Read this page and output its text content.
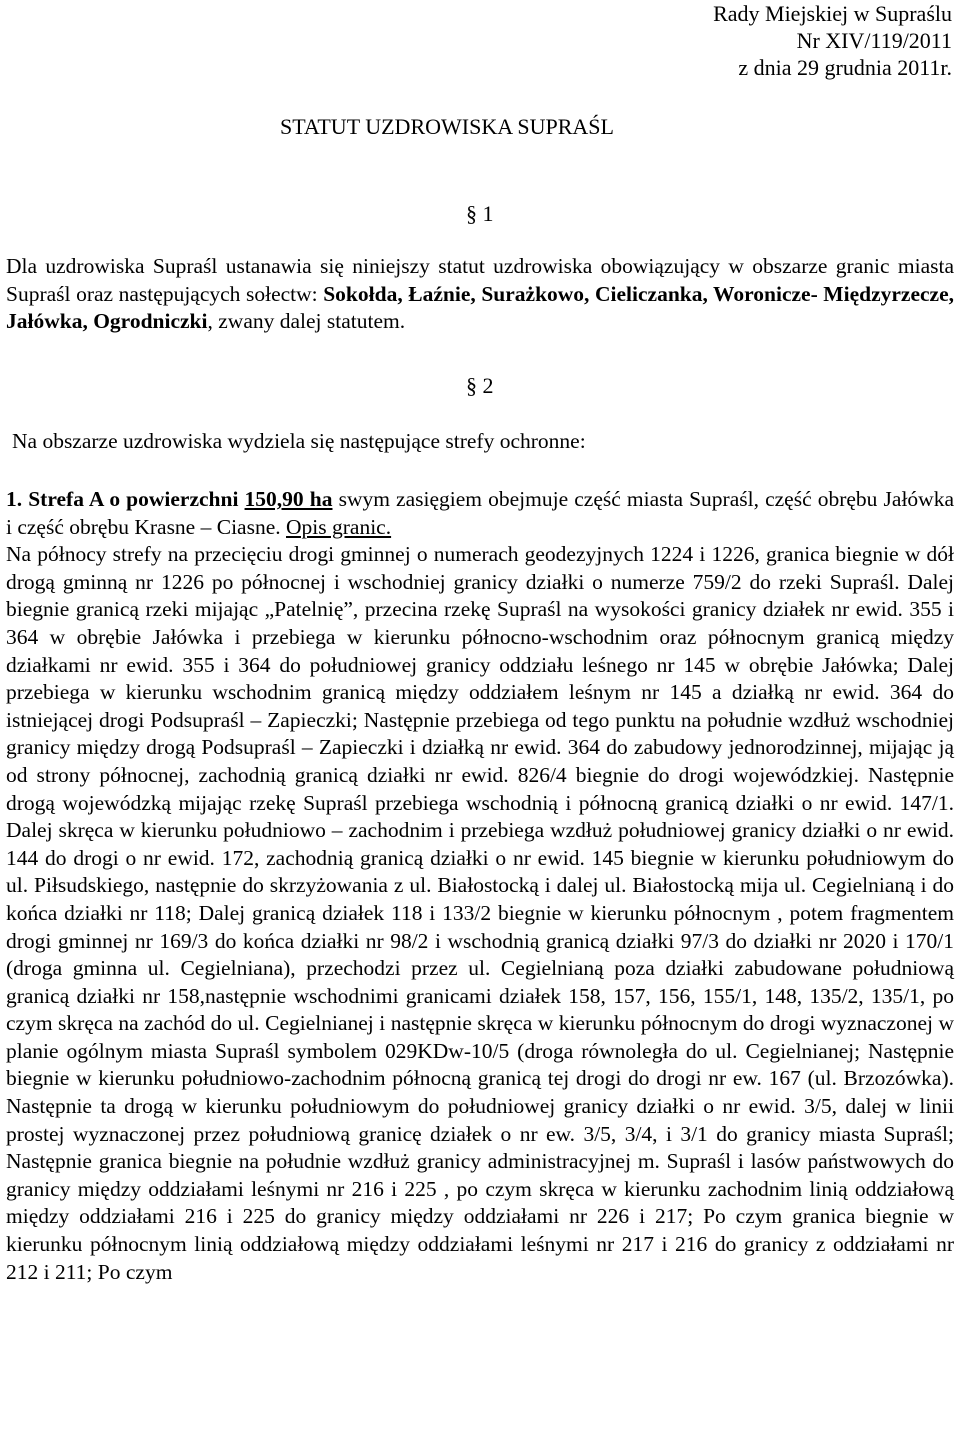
Rady Miejskiej w Supraślu
Nr XIV/119/2011
z dnia 29 grudnia 2011r.
STATUT UZDROWISKA SUPRAŚL
§ 1
Dla uzdrowiska Supraśl ustanawia się niniejszy statut uzdrowiska obowiązujący w obszarze granic miasta Supraśl oraz następujących sołectw: Sokołda, Łaźnie, Surażkowo, Cieliczanka, Woronicze- Międzyrzecze, Jałówka, Ogrodniczki, zwany dalej statutem.
§ 2
Na obszarze uzdrowiska wydziela się następujące strefy ochronne:
1. Strefa A o powierzchni 150,90 ha swym zasięgiem obejmuje część miasta Supraśl, część obrębu Jałówka i część obrębu Krasne – Ciasne. Opis granic.
Na północy strefy na przecięciu drogi gminnej o numerach geodezyjnych 1224 i 1226, granica biegnie w dół drogą gminną nr 1226 po północnej i wschodniej granicy działki o numerze 759/2 do rzeki Supraśl. Dalej biegnie granicą rzeki mijając „Patelnię”, przecina rzekę Supraśl na wysokości granicy działek nr ewid. 355 i 364 w obrębie Jałówka i przebiega w kierunku północno-wschodnim oraz północnym granicą między działkami nr ewid. 355 i 364 do południowej granicy oddziału leśnego nr 145 w obrębie Jałówka; Dalej przebiega w kierunku wschodnim granicą między oddziałem leśnym nr 145 a działką nr ewid. 364 do istniejącej drogi Podsupraśl – Zapieczki; Następnie przebiega od tego punktu na południe wzdłuż wschodniej granicy między drogą Podsupraśl – Zapieczki i działką nr ewid. 364 do zabudowy jednorodzinnej, mijając ją od strony północnej, zachodnią granicą działki nr ewid. 826/4 biegnie do drogi wojewódzkiej. Następnie drogą wojewódzką mijając rzekę Supraśl przebiega wschodnią i północną granicą działki o nr ewid. 147/1. Dalej skręca w kierunku południowo – zachodnim i przebiega wzdłuż południowej granicy działki o nr ewid. 144 do drogi o nr ewid. 172, zachodnią granicą działki o nr ewid. 145 biegnie w kierunku południowym do ul. Piłsudskiego, następnie do skrzyżowania z ul. Białostocką i dalej ul. Białostocką mija ul. Cegielnianą i do końca działki nr 118; Dalej granicą działek 118 i 133/2 biegnie w kierunku północnym , potem fragmentem drogi gminnej nr 169/3 do końca działki nr 98/2 i wschodnią granicą działki 97/3 do działki nr 2020 i 170/1 (droga gminna ul. Cegielniana), przechodzi przez ul. Cegielnianą poza działki zabudowane południową granicą działki nr 158,następnie wschodnimi granicami działek 158, 157, 156, 155/1, 148, 135/2, 135/1, po czym skręca na zachód do ul. Cegielnianej i następnie skręca w kierunku północnym do drogi wyznaczonej w planie ogólnym miasta Supraśl symbolem 029KDw-10/5 (droga równoległa do ul. Cegielnianej; Następnie biegnie w kierunku południowo-zachodnim północną granicą tej drogi do drogi nr ew. 167 (ul. Brzozówka). Następnie ta drogą w kierunku południowym do południowej granicy działki o nr ewid. 3/5, dalej w linii prostej wyznaczonej przez południową granicę działek o nr ew. 3/5, 3/4, i 3/1 do granicy miasta Supraśl; Następnie granica biegnie na południe wzdłuż granicy administracyjnej m. Supraśl i lasów państwowych do granicy między oddziałami leśnymi nr 216 i 225 , po czym skręca w kierunku zachodnim linią oddziałową między oddziałami 216 i 225 do granicy między oddziałami nr 226 i 217; Po czym granica biegnie w kierunku północnym linią oddziałową między oddziałami leśnymi nr 217 i 216 do granicy z oddziałami nr 212 i 211; Po czym
